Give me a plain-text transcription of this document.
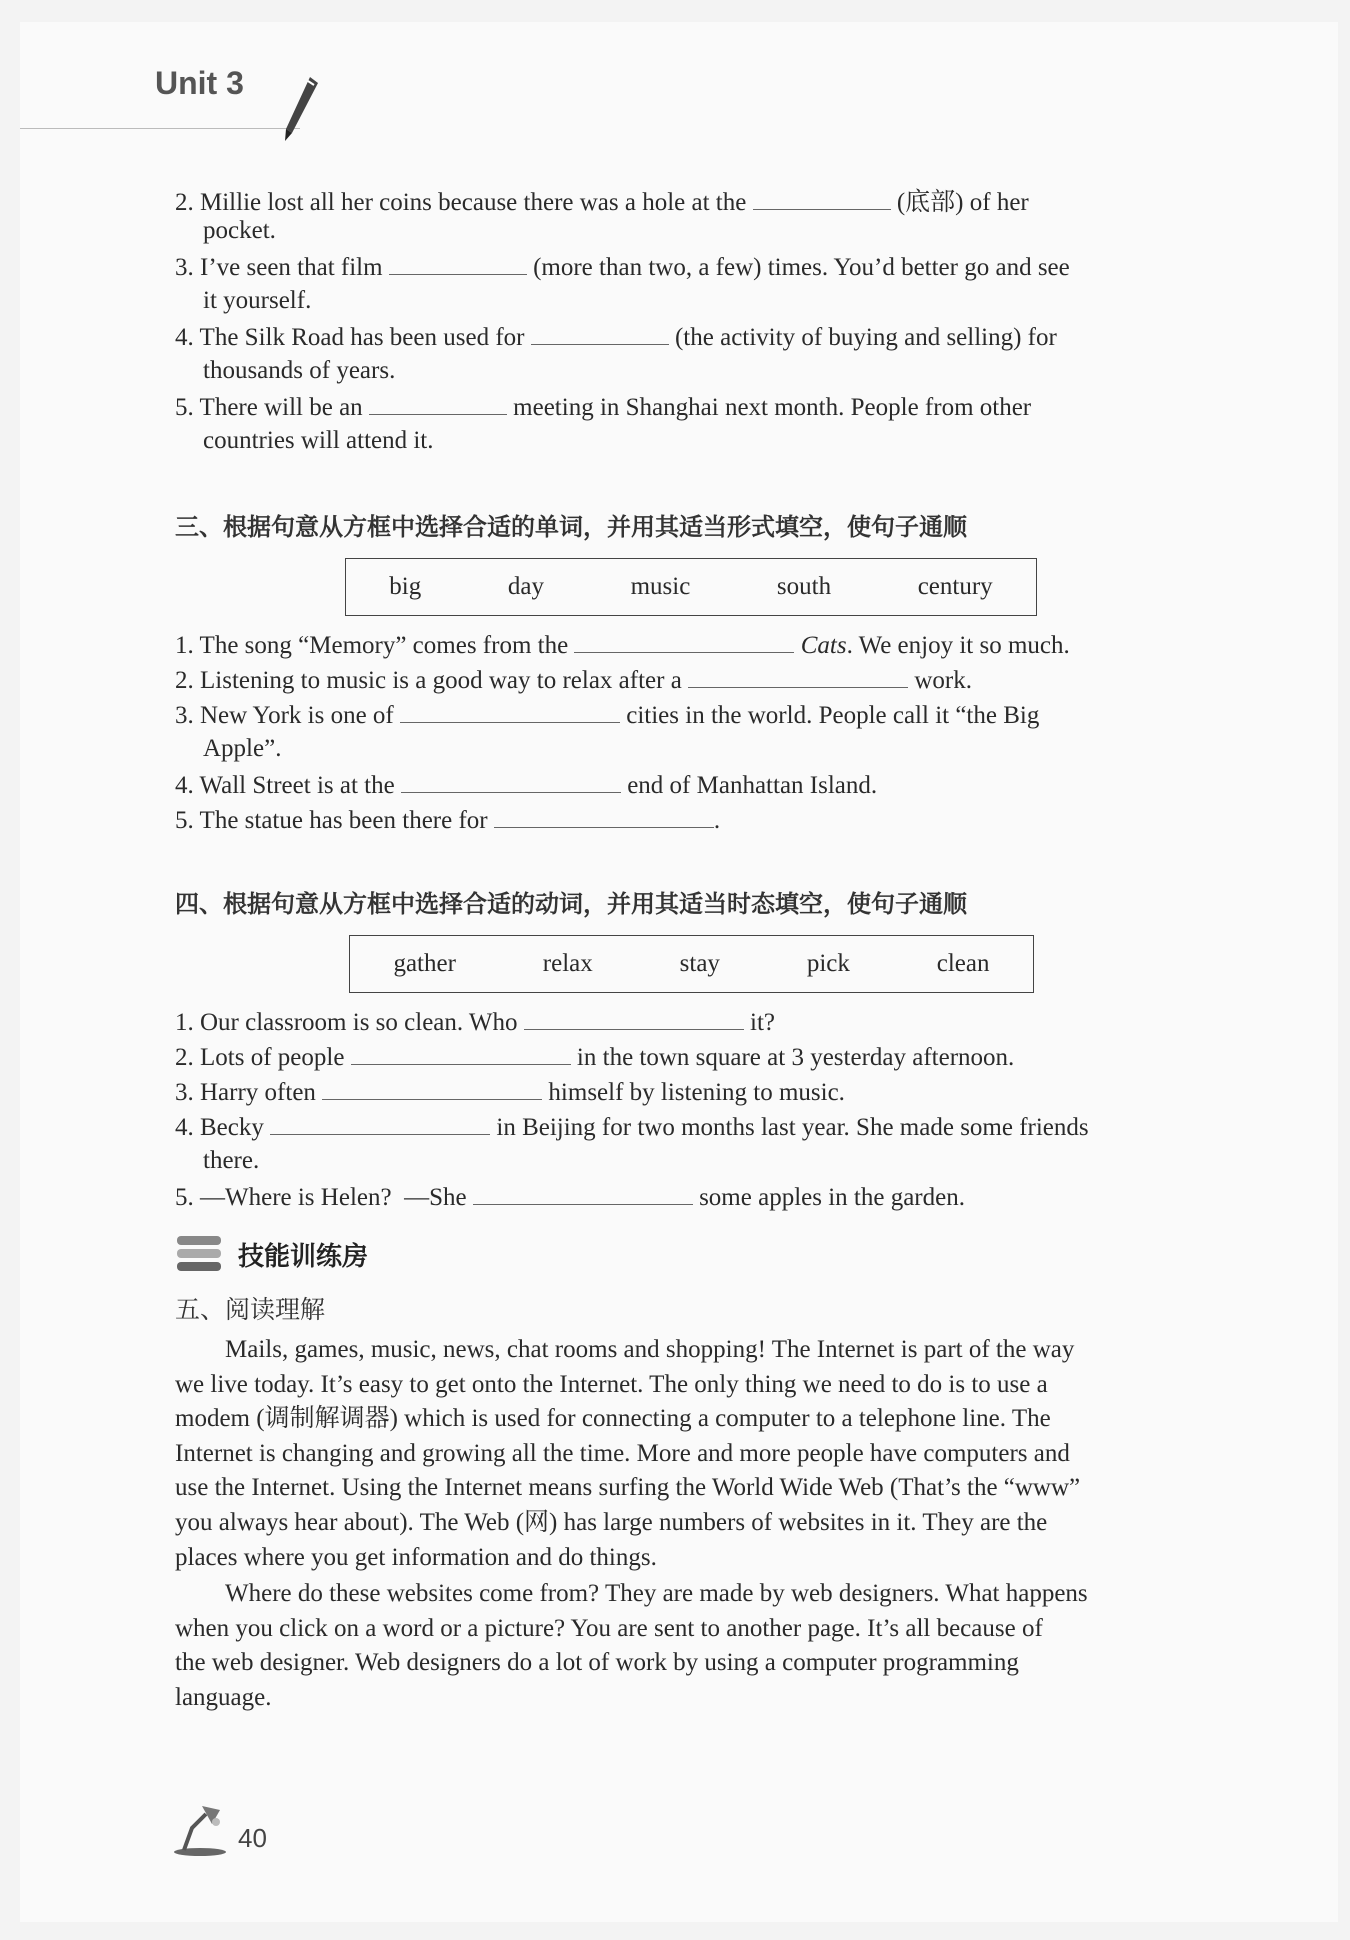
Unit 3
2. Millie lost all her coins because there was a hole at the	(底部) of her
pocket.
3. I’ve seen that film	(more than two, a few) times. You’d better go and see
it yourself.
4. The Silk Road has been used for	(the activity of buying and selling) for
thousands of years.
5. There will be an	meeting in Shanghai next month. People from other
countries will attend it.
三、根据句意从方框中选择合适的单词，并用其适当形式填空，使句子通顺
big	day	music	south	century
1. The song “Memory” comes from the	Cats. We enjoy it so much.
2. Listening to music is a good way to relax after a	work.
3. New York is one of	cities in the world. People call it “the Big
Apple”.
4. Wall Street is at the	end of Manhattan Island.
5. The statue has been there for	.
四、根据句意从方框中选择合适的动词，并用其适当时态填空，使句子通顺
gather	relax	stay	pick	clean
1. Our classroom is so clean. Who	it?
2. Lots of people	in the town square at 3 yesterday afternoon.
3. Harry often	himself by listening to music.
4. Becky	in Beijing for two months last year. She made some friends
there.
5. —Where is Helen? —She	some apples in the garden.
技能训练房
五、阅读理解

Mails, games, music, news, chat rooms and shopping! The Internet is part of the way

we live today. It’s easy to get onto the Internet. The only thing we need to do is to use a

modem (调制解调器) which is used for connecting a computer to a telephone line. The

Internet is changing and growing all the time. More and more people have computers and

use the Internet. Using the Internet means surfing the World Wide Web (That’s the “www”

you always hear about). The Web (网) has large numbers of websites in it. They are the

places where you get information and do things.

Where do these websites come from? They are made by web designers. What happens

when you click on a word or a picture? You are sent to another page. It’s all because of

the web designer. Web designers do a lot of work by using a computer programming

language.

40
